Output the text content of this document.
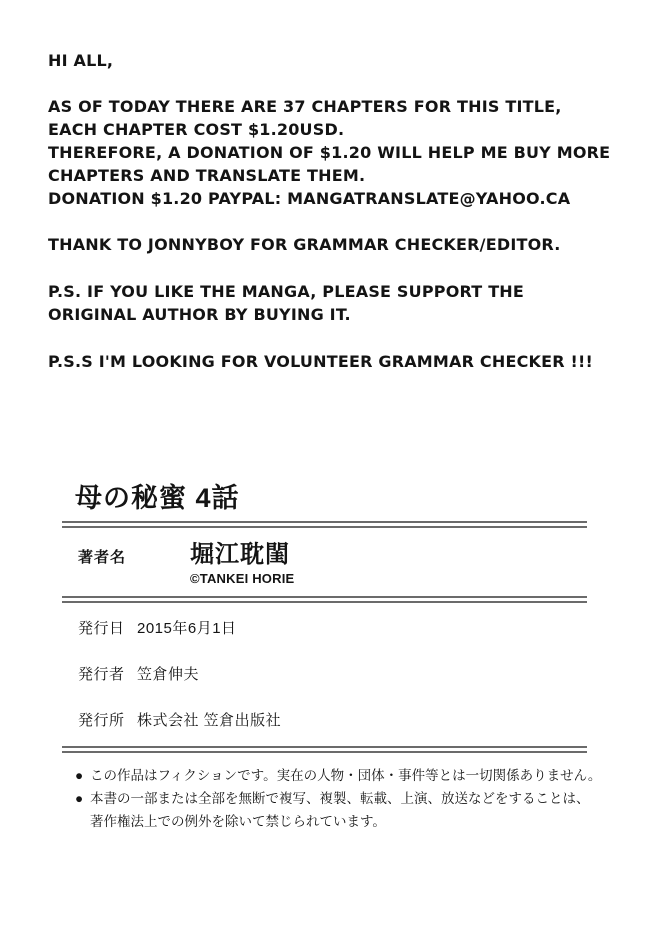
HI ALL,
AS OF TODAY THERE ARE 37 CHAPTERS FOR THIS TITLE,
EACH CHAPTER COST $1.20USD.
THEREFORE, A DONATION OF $1.20 WILL HELP ME BUY MORE
CHAPTERS AND TRANSLATE THEM.
DONATION $1.20 PAYPAL: MANGATRANSLATE@YAHOO.CA
THANK TO JONNYBOY FOR GRAMMAR CHECKER/EDITOR.
P.S. IF YOU LIKE THE MANGA, PLEASE SUPPORT THE
ORIGINAL AUTHOR BY BUYING IT.
P.S.S I'M LOOKING FOR VOLUNTEER GRAMMAR CHECKER !!!
母の秘蜜 4話
著者名	堀江耽閨
©TANKEI HORIE
発行日 2015年6月1日
発行者 笠倉伸夫
発行所 株式会社 笠倉出版社
● この作品はフィクションです。実在の人物・団体・事件等とは一切関係ありません。
● 本書の一部または全部を無断で複写、複製、転載、上演、放送などをすることは、
著作権法上での例外を除いて禁じられています。
